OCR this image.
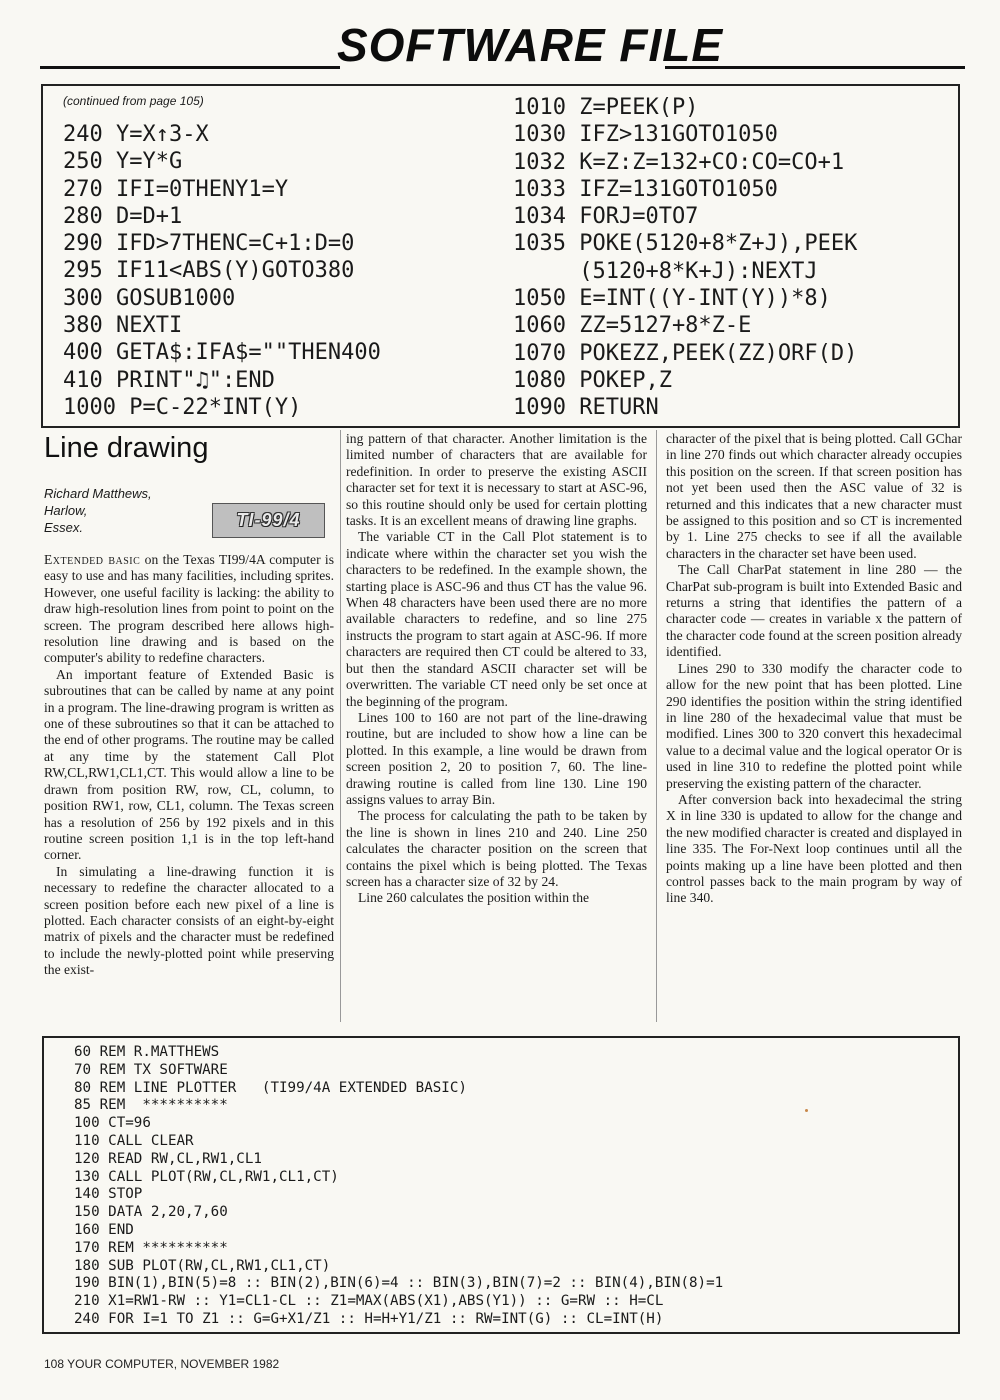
SOFTWARE FILE
(continued from page 105)
240 Y=X↑3-X
250 Y=Y*G
270 IFI=0THENY1=Y
280 D=D+1
290 IFD>7THENC=C+1:D=0
295 IF11<ABS(Y)GOTO380
300 GOSUB1000
380 NEXTI
400 GETA$:IFA$=""THEN400
410 PRINT"♫":END
1000 P=C-22*INT(Y)
1010 Z=PEEK(P)
1030 IFZ>131GOTO1050
1032 K=Z:Z=132+CO:CO=CO+1
1033 IFZ=131GOTO1050
1034 FORJ=0TO7
1035 POKE(5120+8*Z+J),PEEK
(5120+8*K+J):NEXTJ
1050 E=INT((Y-INT(Y))*8)
1060 ZZ=5127+8*Z-E
1070 POKEZZ,PEEK(ZZ)ORF(D)
1080 POKEP,Z
1090 RETURN
Line drawing
Richard Matthews,
Harlow,
Essex.	TI-99/4

Extended basic on the Texas TI99/4A computer is easy to use and has many facilities, including sprites. However, one useful facility is lacking: the ability to draw high-resolution lines from point to point on the screen. The program described here allows high-resolution line drawing and is based on the computer's ability to redefine characters.

An important feature of Extended Basic is subroutines that can be called by name at any point in a program. The line-drawing program is written as one of these subroutines so that it can be attached to the end of other programs. The routine may be called at any time by the statement Call Plot RW,CL,RW1,CL1,CT. This would allow a line to be drawn from position RW, row, CL, column, to position RW1, row, CL1, column. The Texas screen has a resolution of 256 by 192 pixels and in this routine screen position 1,1 is in the top left-hand corner.

In simulating a line-drawing function it is necessary to redefine the character allocated to a screen position before each new pixel of a line is plotted. Each character consists of an eight-by-eight matrix of pixels and the character must be redefined to include the newly-plotted point while preserving the exist-

ing pattern of that character. Another limitation is the limited number of characters that are available for redefinition. In order to preserve the existing ASCII character set for text it is necessary to start at ASC-96, so this routine should only be used for certain plotting tasks. It is an excellent means of drawing line graphs.

The variable CT in the Call Plot statement is to indicate where within the character set you wish the characters to be redefined. In the example shown, the starting place is ASC-96 and thus CT has the value 96. When 48 characters have been used there are no more available characters to redefine, and so line 275 instructs the program to start again at ASC-96. If more characters are required then CT could be altered to 33, but then the standard ASCII character set will be overwritten. The variable CT need only be set once at the beginning of the program.

Lines 100 to 160 are not part of the line-drawing routine, but are included to show how a line can be plotted. In this example, a line would be drawn from screen position 2, 20 to position 7, 60. The line-drawing routine is called from line 130. Line 190 assigns values to array Bin.

The process for calculating the path to be taken by the line is shown in lines 210 and 240. Line 250 calculates the character position on the screen that contains the pixel which is being plotted. The Texas screen has a character size of 32 by 24.

Line 260 calculates the position within the

character of the pixel that is being plotted. Call GChar in line 270 finds out which character already occupies this position on the screen. If that screen position has not yet been used then the ASC value of 32 is returned and this indicates that a new character must be assigned to this position and so CT is incremented by 1. Line 275 checks to see if all the available characters in the character set have been used.

The Call CharPat statement in line 280 — the CharPat sub-program is built into Extended Basic and returns a string that identifies the pattern of a character code — creates in variable x the pattern of the character code found at the screen position already identified.

Lines 290 to 330 modify the character code to allow for the new point that has been plotted. Line 290 identifies the position within the string identified in line 280 of the hexadecimal value that must be modified. Lines 300 to 320 convert this hexadecimal value to a decimal value and the logical operator Or is used in line 310 to redefine the plotted point while preserving the existing pattern of the character.

After conversion back into hexadecimal the string X in line 330 is updated to allow for the change and the new modified character is created and displayed in line 335. The For-Next loop continues until all the points making up a line have been plotted and then control passes back to the main program by way of line 340.

60 REM R.MATTHEWS
70 REM TX SOFTWARE
80 REM LINE PLOTTER   (TI99/4A EXTENDED BASIC)
85 REM  **********
100 CT=96
110 CALL CLEAR
120 READ RW,CL,RW1,CL1
130 CALL PLOT(RW,CL,RW1,CL1,CT)
140 STOP
150 DATA 2,20,7,60
160 END
170 REM **********
180 SUB PLOT(RW,CL,RW1,CL1,CT)
190 BIN(1),BIN(5)=8 :: BIN(2),BIN(6)=4 :: BIN(3),BIN(7)=2 :: BIN(4),BIN(8)=1
210 X1=RW1-RW :: Y1=CL1-CL :: Z1=MAX(ABS(X1),ABS(Y1)) :: G=RW :: H=CL
240 FOR I=1 TO Z1 :: G=G+X1/Z1 :: H=H+Y1/Z1 :: RW=INT(G) :: CL=INT(H)
108 YOUR COMPUTER, NOVEMBER 1982
